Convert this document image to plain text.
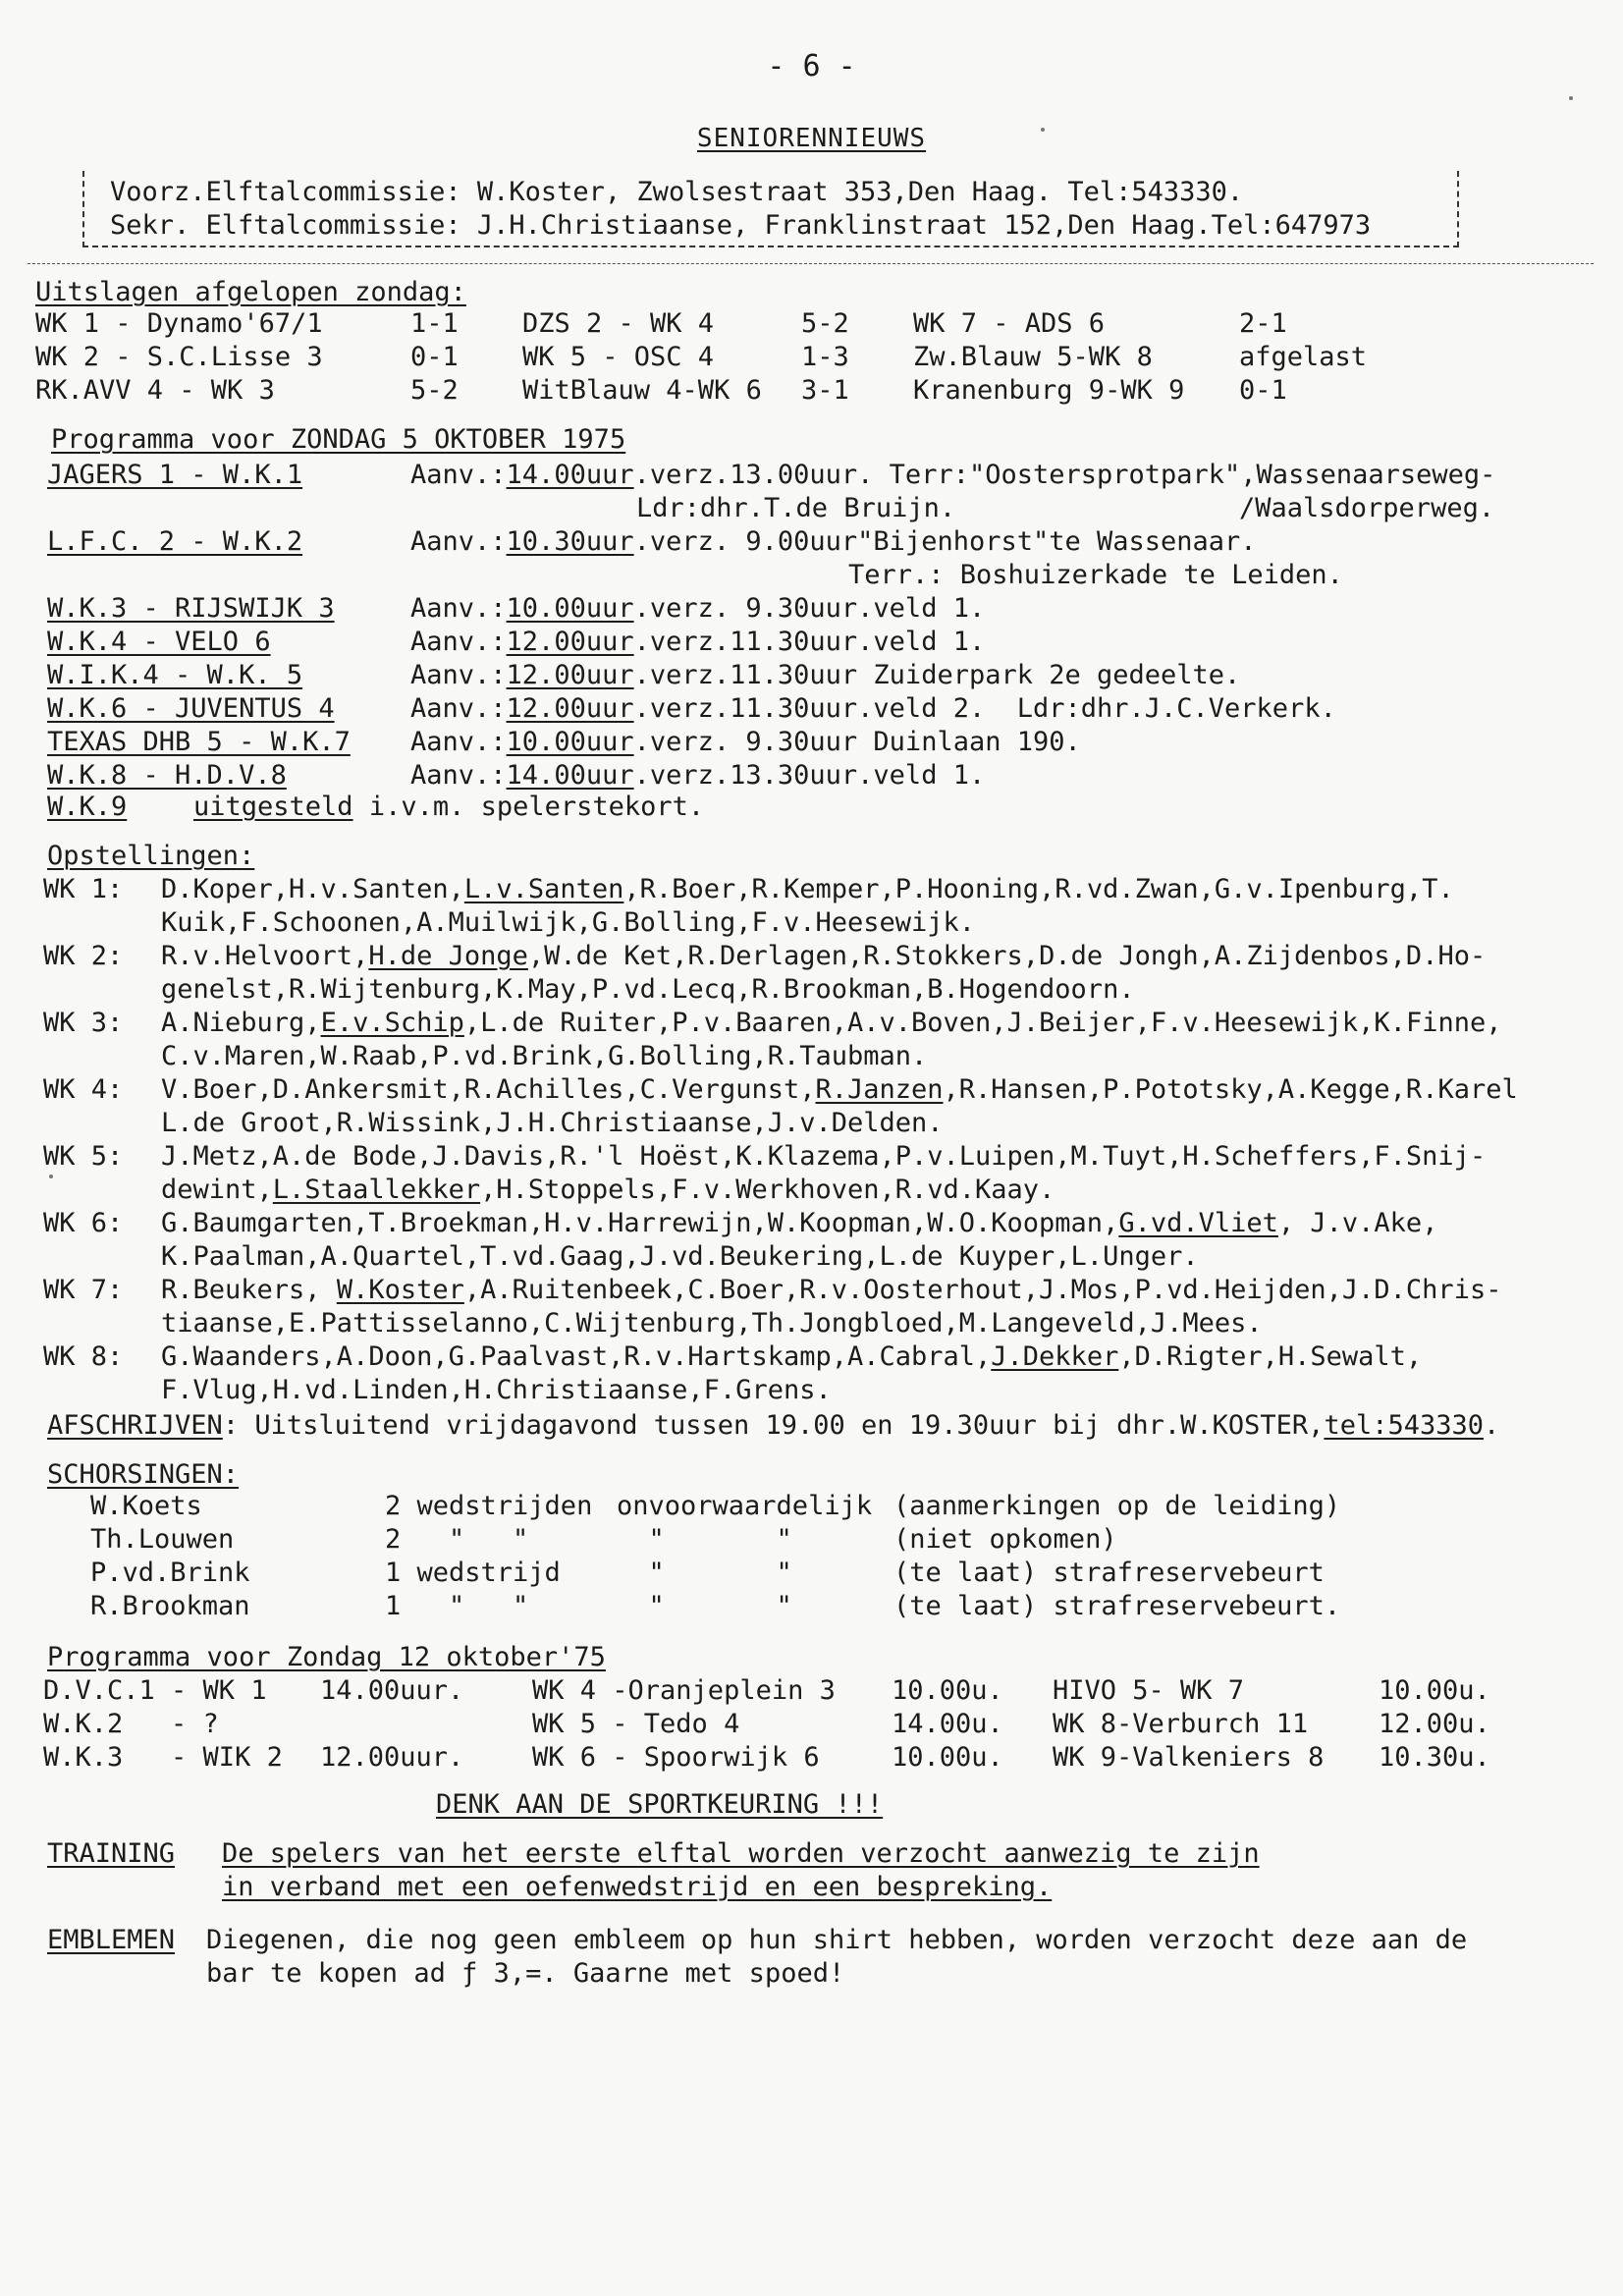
- 6 -
SENIORENNIEUWS
Voorz.Elftalcommissie: W.Koster, Zwolsestraat 353,Den Haag. Tel:543330.
Sekr. Elftalcommissie: J.H.Christiaanse, Franklinstraat 152,Den Haag.Tel:647973
Uitslagen afgelopen zondag:
WK 1 - Dynamo'67/1	1-1 DZS 2 - WK 4	5-2 WK 7 - ADS 6	2-1
WK 2 - S.C.Lisse 3	0-1 WK 5 - OSC 4	1-3 Zw.Blauw 5-WK 8	afgelast
RK.AVV 4 - WK 3	5-2 WitBlauw 4-WK 6 3-1 Kranenburg 9-WK 9 0-1
Programma voor ZONDAG 5 OKTOBER 1975
JAGERS 1 - W.K.1	Aanv.:14.00uur.verz.13.00uur. Terr:"Oostersprotpark",Wassenaarseweg-
Ldr:dhr.T.de Bruijn.	/Waalsdorperweg.
L.F.C. 2 - W.K.2	Aanv.:10.30uur.verz. 9.00uur"Bijenhorst"te Wassenaar.
Terr.: Boshuizerkade te Leiden.
W.K.3 - RIJSWIJK 3	Aanv.:10.00uur.verz. 9.30uur.veld 1.
W.K.4 - VELO 6	Aanv.:12.00uur.verz.11.30uur.veld 1.
W.I.K.4 - W.K. 5	Aanv.:12.00uur.verz.11.30uur Zuiderpark 2e gedeelte.
W.K.6 - JUVENTUS 4	Aanv.:12.00uur.verz.11.30uur.veld 2.  Ldr:dhr.J.C.Verkerk.
TEXAS DHB 5 - W.K.7 Aanv.:10.00uur.verz. 9.30uur Duinlaan 190.
W.K.8 - H.D.V.8	Aanv.:14.00uur.verz.13.30uur.veld 1.
W.K.9	uitgesteld i.v.m. spelerstekort.
Opstellingen:
WK 1: D.Koper,H.v.Santen,L.v.Santen,R.Boer,R.Kemper,P.Hooning,R.vd.Zwan,G.v.Ipenburg,T.
Kuik,F.Schoonen,A.Muilwijk,G.Bolling,F.v.Heesewijk.
WK 2: R.v.Helvoort,H.de Jonge,W.de Ket,R.Derlagen,R.Stokkers,D.de Jongh,A.Zijdenbos,D.Ho-
genelst,R.Wijtenburg,K.May,P.vd.Lecq,R.Brookman,B.Hogendoorn.
WK 3: A.Nieburg,E.v.Schip,L.de Ruiter,P.v.Baaren,A.v.Boven,J.Beijer,F.v.Heesewijk,K.Finne,
C.v.Maren,W.Raab,P.vd.Brink,G.Bolling,R.Taubman.
WK 4: V.Boer,D.Ankersmit,R.Achilles,C.Vergunst,R.Janzen,R.Hansen,P.Pototsky,A.Kegge,R.Karel
L.de Groot,R.Wissink,J.H.Christiaanse,J.v.Delden.
WK 5: J.Metz,A.de Bode,J.Davis,R.'l Hoëst,K.Klazema,P.v.Luipen,M.Tuyt,H.Scheffers,F.Snij-
dewint,L.Staallekker,H.Stoppels,F.v.Werkhoven,R.vd.Kaay.
WK 6: G.Baumgarten,T.Broekman,H.v.Harrewijn,W.Koopman,W.O.Koopman,G.vd.Vliet, J.v.Ake,
K.Paalman,A.Quartel,T.vd.Gaag,J.vd.Beukering,L.de Kuyper,L.Unger.
WK 7: R.Beukers, W.Koster,A.Ruitenbeek,C.Boer,R.v.Oosterhout,J.Mos,P.vd.Heijden,J.D.Chris-
tiaanse,E.Pattisselanno,C.Wijtenburg,Th.Jongbloed,M.Langeveld,J.Mees.
WK 8: G.Waanders,A.Doon,G.Paalvast,R.v.Hartskamp,A.Cabral,J.Dekker,D.Rigter,H.Sewalt,
F.Vlug,H.vd.Linden,H.Christiaanse,F.Grens.
AFSCHRIJVEN: Uitsluitend vrijdagavond tussen 19.00 en 19.30uur bij dhr.W.KOSTER,tel:543330.
SCHORSINGEN:
W.Koets	2 wedstrijden onvoorwaardelijk (aanmerkingen op de leiding)
Th.Louwen	2   "   "	"       "	(niet opkomen)
P.vd.Brink	1 wedstrijd "       "	(te laat) strafreservebeurt
R.Brookman	1   "   "	"       "	(te laat) strafreservebeurt.
Programma voor Zondag 12 oktober'75
D.V.C.1 - WK 1 14.00uur.	WK 4 -Oranjeplein 3 10.00u. HIVO 5- WK 7	10.00u.
W.K.2   - ?	WK 5 - Tedo 4	14.00u. WK 8-Verburch 11	12.00u.
W.K.3   - WIK 2 12.00uur.	WK 6 - Spoorwijk 6	10.00u. WK 9-Valkeniers 8 10.30u.
DENK AAN DE SPORTKEURING !!!
TRAINING De spelers van het eerste elftal worden verzocht aanwezig te zijn
in verband met een oefenwedstrijd en een bespreking.
EMBLEMEN Diegenen, die nog geen embleem op hun shirt hebben, worden verzocht deze aan de
bar te kopen ad ƒ 3,=. Gaarne met spoed!
